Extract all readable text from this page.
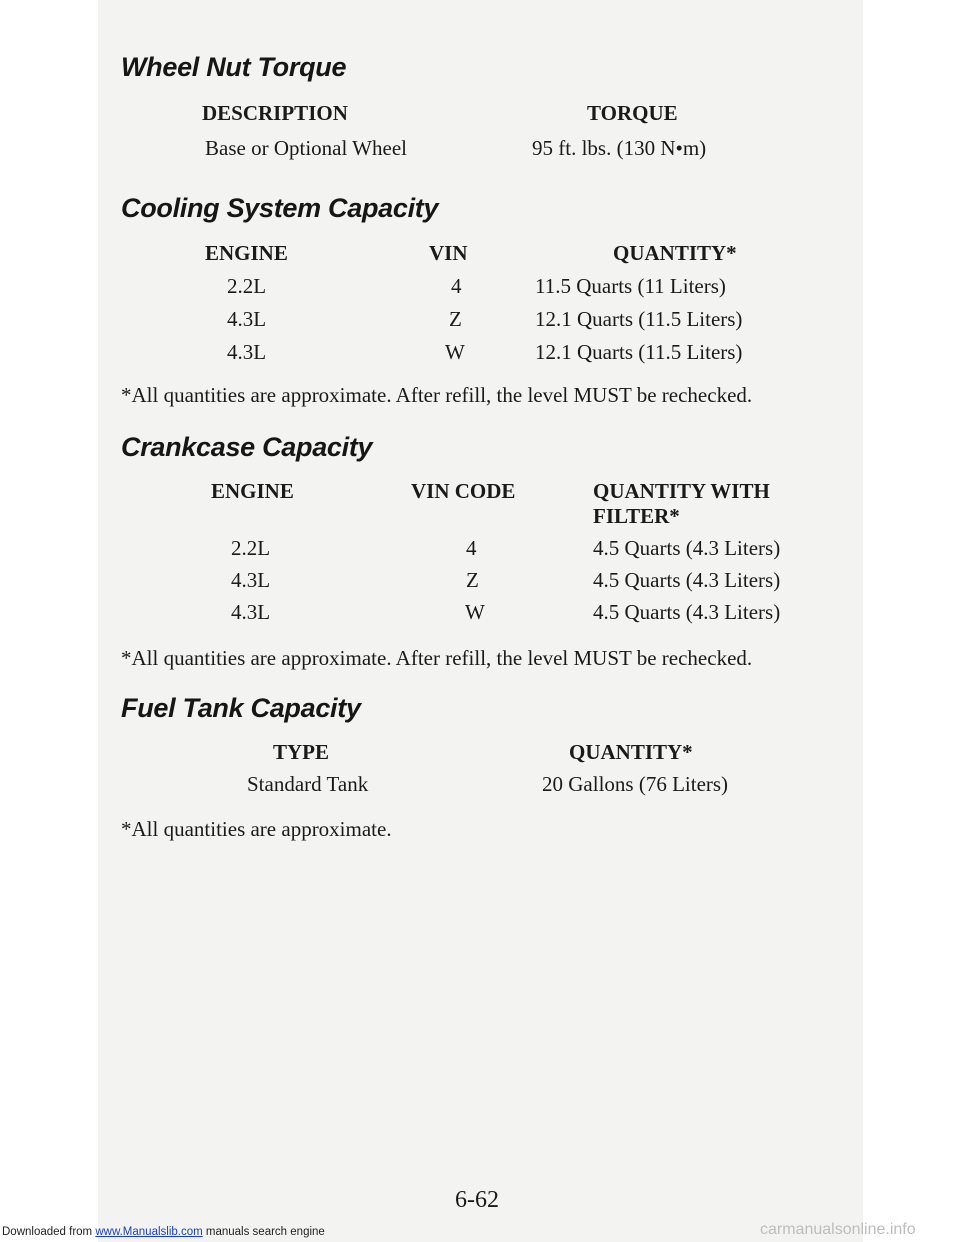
Wheel Nut Torque
DESCRIPTION	TORQUE
Base or Optional Wheel	95 ft. lbs. (130 N•m)
Cooling System Capacity
ENGINE	VIN	QUANTITY*
2.2L	4	11.5 Quarts (11 Liters)
4.3L	Z	12.1 Quarts (11.5 Liters)
4.3L	W	12.1 Quarts (11.5 Liters)
*All quantities are approximate. After refill, the level MUST be rechecked.
Crankcase Capacity
ENGINE	VIN CODE	QUANTITY WITH
FILTER*
2.2L	4	4.5 Quarts (4.3 Liters)
4.3L	Z	4.5 Quarts (4.3 Liters)
4.3L	W	4.5 Quarts (4.3 Liters)
*All quantities are approximate. After refill, the level MUST be rechecked.
Fuel Tank Capacity
TYPE	QUANTITY*
Standard Tank	20 Gallons (76 Liters)
*All quantities are approximate.
6-62
Downloaded from www.Manualslib.com manuals search engine	carmanualsonline.info
